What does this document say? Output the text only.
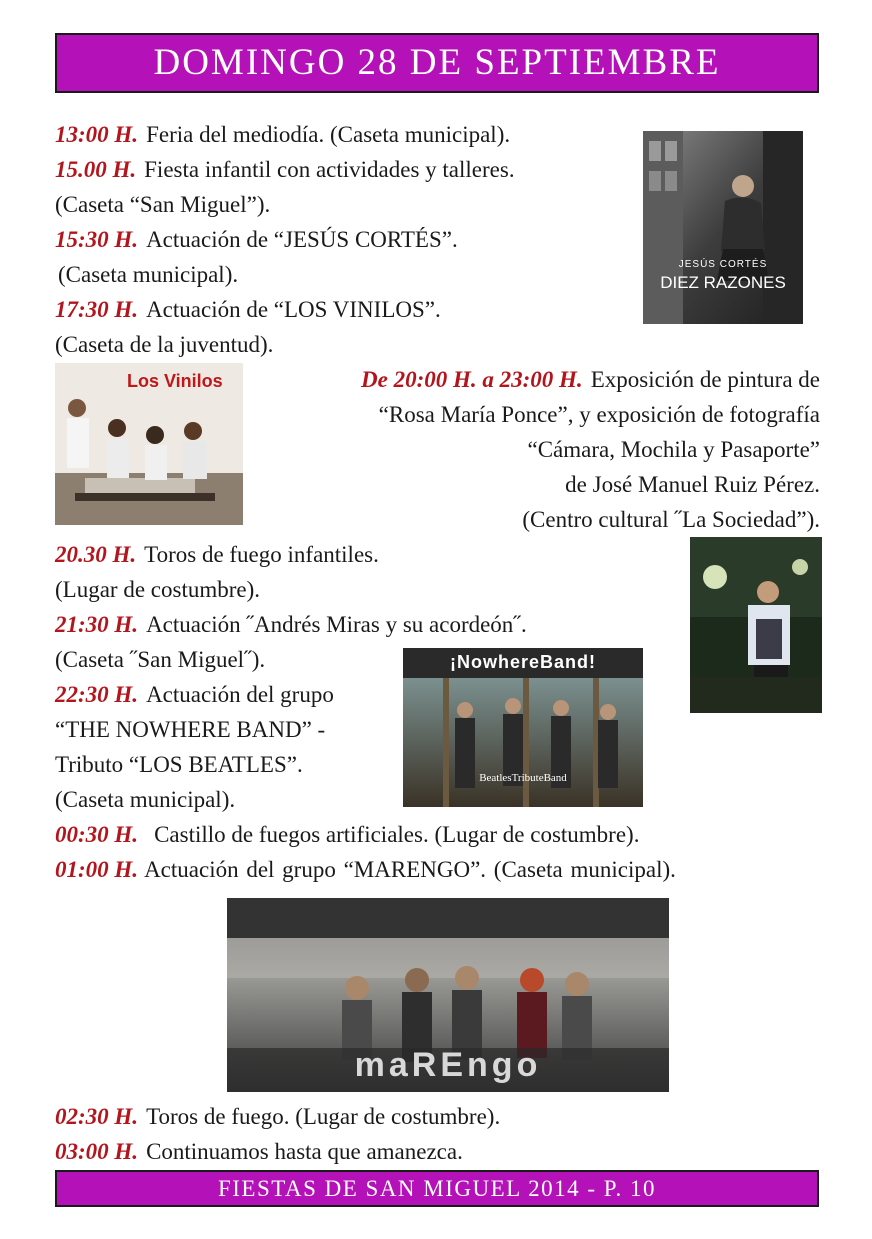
DOMINGO 28 DE SEPTIEMBRE
13:00 H. Feria del mediodía. (Caseta municipal).
15.00 H. Fiesta infantil con actividades y talleres.
(Caseta “San Miguel”).
15:30 H. Actuación de “JESÚS CORTÉS”.
(Caseta municipal).
17:30 H. Actuación de “LOS VINILOS”.
(Caseta de la juventud).
De 20:00 H. a 23:00 H. Exposición de pintura de
“Rosa María Ponce”, y exposición de fotografía
“Cámara, Mochila y Pasaporte”
de José Manuel Ruiz Pérez.
(Centro cultural ˝La Sociedad”).
20.30 H. Toros de fuego infantiles.
(Lugar de costumbre).
21:30 H. Actuación ˝Andrés Miras y su acordeón˝.
(Caseta ˝San Miguel˝).
22:30 H. Actuación del grupo
“THE NOWHERE BAND” -
Tributo “LOS BEATLES”.
(Caseta municipal).
00:30 H. Castillo de fuegos artificiales. (Lugar de costumbre).
01:00 H. Actuación del grupo “MARENGO”. (Caseta municipal).
02:30 H. Toros de fuego. (Lugar de costumbre).
03:00 H. Continuamos hasta que amanezca.
JESÚS CORTÉS
DIEZ RAZONES
Los Vinilos
¡NowhereBand!
BeatlesTributeBand
maREngo
FIESTAS DE SAN MIGUEL 2014 - P. 10
